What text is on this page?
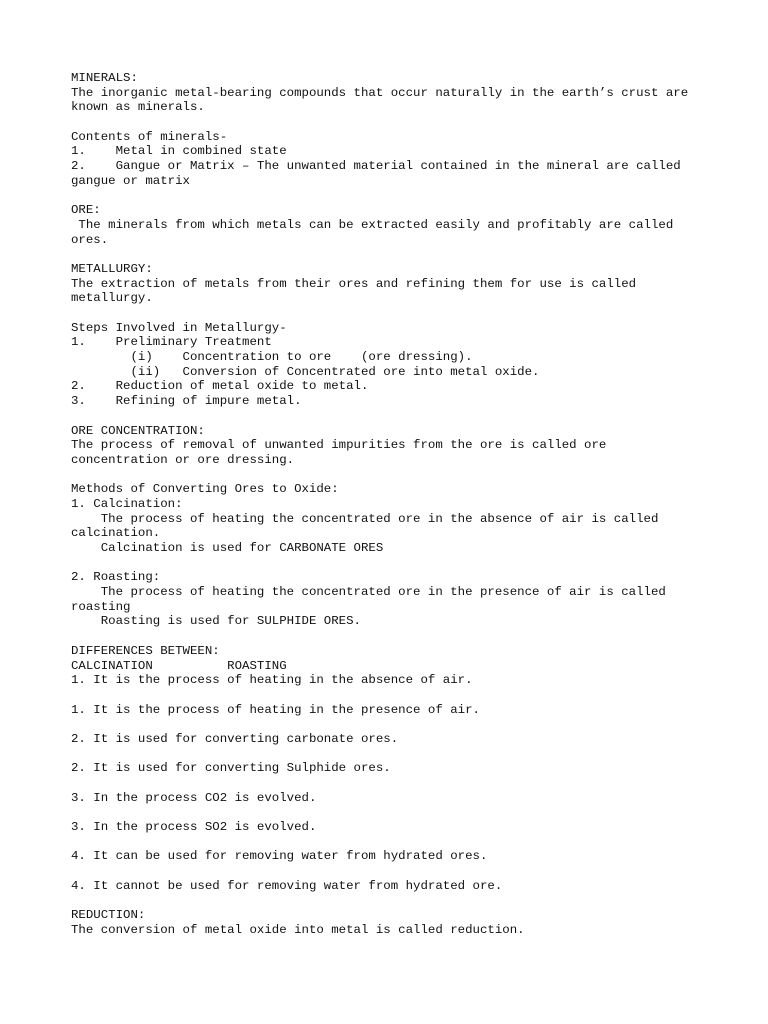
MINERALS:
The inorganic metal-bearing compounds that occur naturally in the earth’s crust are
known as minerals.
Contents of minerals-
1.    Metal in combined state
2.    Gangue or Matrix – The unwanted material contained in the mineral are called
gangue or matrix
ORE:
The minerals from which metals can be extracted easily and profitably are called
ores.
METALLURGY:
The extraction of metals from their ores and refining them for use is called
metallurgy.
Steps Involved in Metallurgy-
1.    Preliminary Treatment
(i)    Concentration to ore    (ore dressing).
(ii)   Conversion of Concentrated ore into metal oxide.
2.    Reduction of metal oxide to metal.
3.    Refining of impure metal.
ORE CONCENTRATION:
The process of removal of unwanted impurities from the ore is called ore
concentration or ore dressing.
Methods of Converting Ores to Oxide:
1. Calcination:
The process of heating the concentrated ore in the absence of air is called
calcination.
Calcination is used for CARBONATE ORES
2. Roasting:
The process of heating the concentrated ore in the presence of air is called
roasting
Roasting is used for SULPHIDE ORES.
DIFFERENCES BETWEEN:
CALCINATION          ROASTING
1. It is the process of heating in the absence of air.
1. It is the process of heating in the presence of air.
2. It is used for converting carbonate ores.
2. It is used for converting Sulphide ores.
3. In the process CO2 is evolved.
3. In the process SO2 is evolved.
4. It can be used for removing water from hydrated ores.
4. It cannot be used for removing water from hydrated ore.
REDUCTION:
The conversion of metal oxide into metal is called reduction.
